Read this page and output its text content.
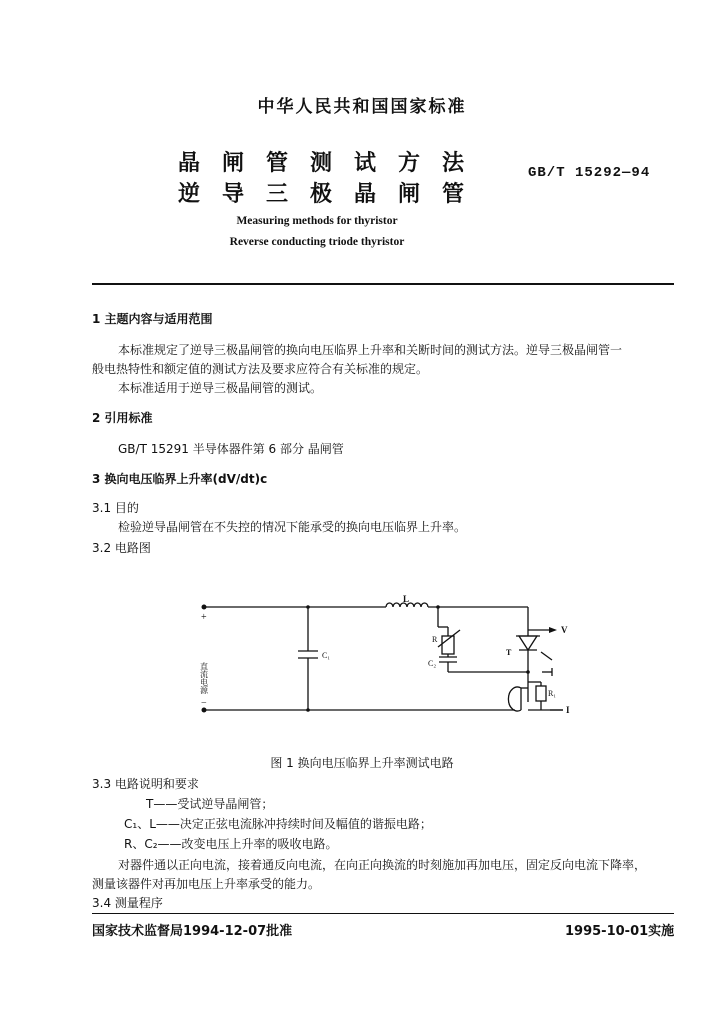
中华人民共和国国家标准
晶闸管测试方法
逆导三极晶闸管
GB/T 15292—94
Measuring methods for thyristor
Reverse conducting triode thyristor
1 主题内容与适用范围
本标准规定了逆导三极晶闸管的换向电压临界上升率和关断时间的测试方法。逆导三极晶闸管一
般电热特性和额定值的测试方法及要求应符合有关标准的规定。
本标准适用于逆导三极晶闸管的测试。
2 引用标准
GB/T 15291 半导体器件第 6 部分 晶闸管
3 换向电压临界上升率(dV/dt)c
3.1 目的
检验逆导晶闸管在不失控的情况下能承受的换向电压临界上升率。
3.2 电路图
+
−
直流电源
L
C₁
R
C₂
T
V
R₁
I
图 1 换向电压临界上升率测试电路
3.3 电路说明和要求
T——受试逆导晶闸管；
C₁、L——决定正弦电流脉冲持续时间及幅值的谐振电路；
R、C₂——改变电压上升率的吸收电路。
对器件通以正向电流，接着通反向电流，在向正向换流的时刻施加再加电压，固定反向电流下降率，
测量该器件对再加电压上升率承受的能力。
3.4 测量程序
国家技术监督局1994-12-07批准	1995-10-01实施
